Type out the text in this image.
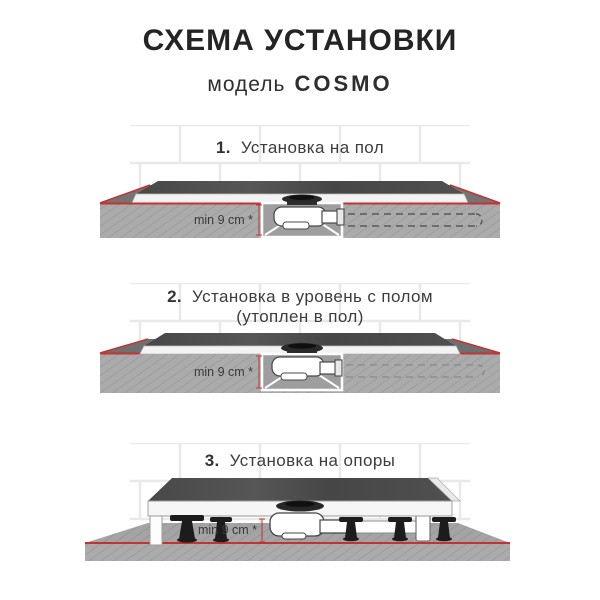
СХЕМА УСТАНОВКИ
модель COSMO
min 9 cm *
1. Установка на пол
min 9 cm *
2. Установка в уровень с полом
(утоплен в пол)
min 9 cm *
3. Установка на опоры
